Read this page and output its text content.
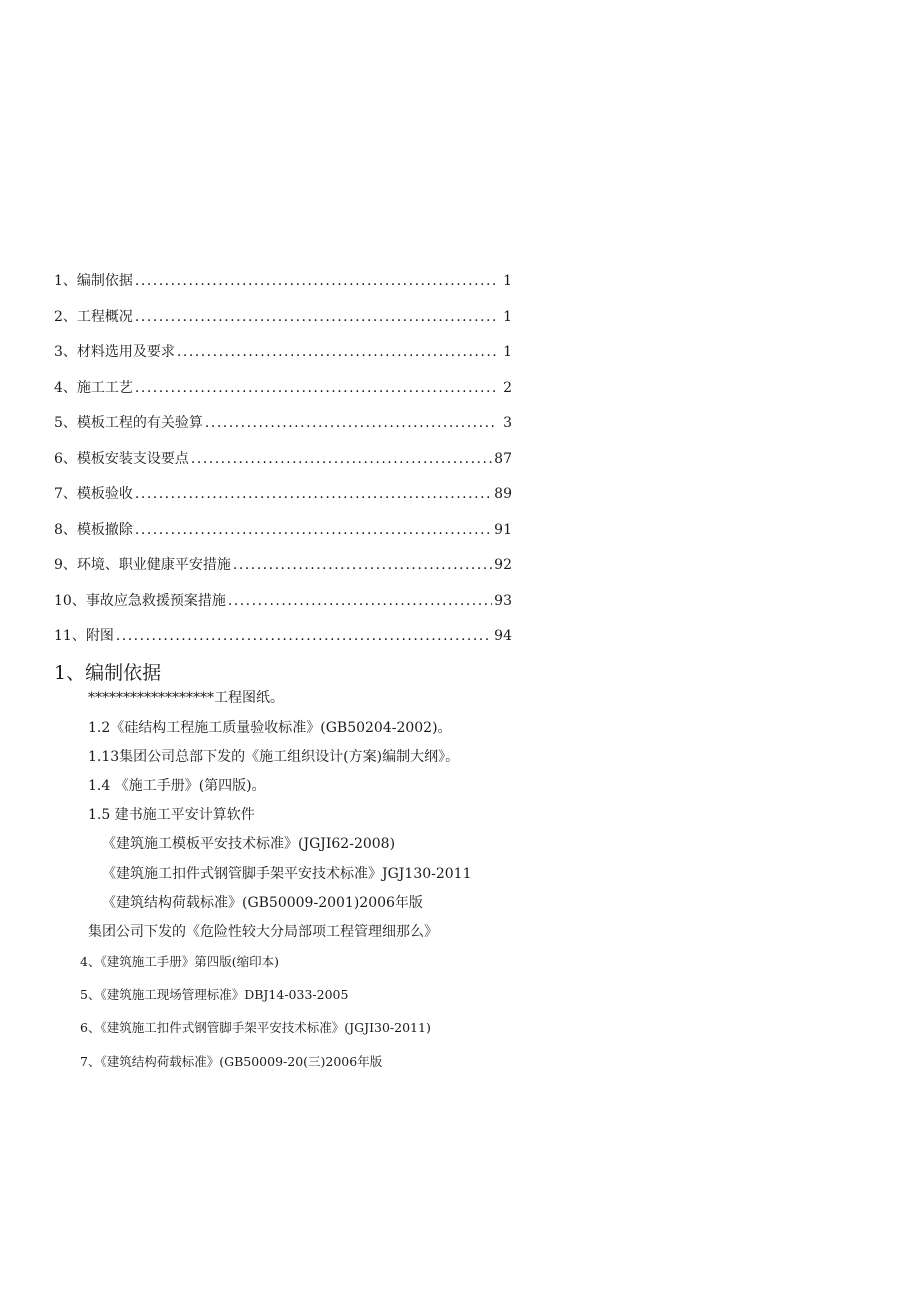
1、编制依据 .....	1
2、工程概况 .....	1
3、材料选用及要求 .....	1
4、施工工艺 .....	2
5、模板工程的有关验算 .....	3
6、模板安装支设要点 .....	87
7、模板验收 .....	89
8、模板撤除 .....	91
9、环境、职业健康平安措施 .....	92
10、事故应急救援预案措施 .....	93
11、附图 .....	94
1、编制依据
******************工程图纸。
1.2《硅结构工程施工质量验收标准》(GB50204-2002)。
1.13集团公司总部下发的《施工组织设计(方案)编制大纲》。
1.4 《施工手册》(第四版)。
1.5 建书施工平安计算软件
《建筑施工模板平安技术标准》(JGJI62-2008)
《建筑施工扣件式钢管脚手架平安技术标准》JGJ130-2011
《建筑结构荷载标准》(GB50009-2001)2006年版
集团公司下发的《危险性较大分局部项工程管理细那么》
4、《建筑施工手册》第四版(缩印本)
5、《建筑施工现场管理标准》DBJ14-033-2005
6、《建筑施工扣件式钢管脚手架平安技术标准》(JGJI30-2011)
7、《建筑结构荷载标准》(GB50009-20(三)2006年版
